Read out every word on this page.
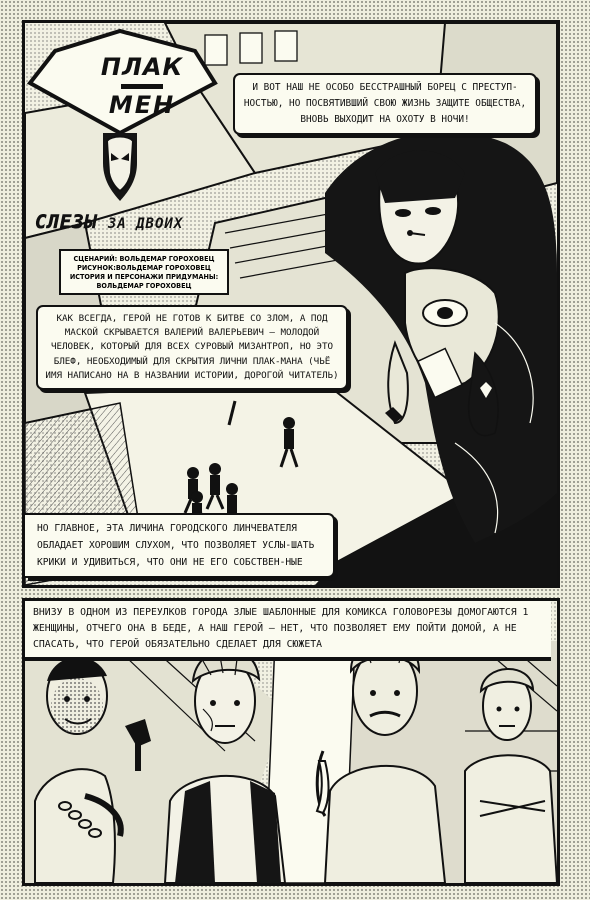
ПЛАК
МЕН
СЛЕЗЫ ЗА ДВОИХ
СЦЕНАРИЙ: ВОЛЬДЕМАР ГОРОХОВЕЦ
РИСУНОК:ВОЛЬДЕМАР ГОРОХОВЕЦ
ИСТОРИЯ И ПЕРСОНАЖИ ПРИДУМАНЫ:
ВОЛЬДЕМАР ГОРОХОВЕЦ
И ВОТ НАШ НЕ ОСОБО БЕССТРАШНЫЙ БОРЕЦ С ПРЕСТУП-НОСТЬЮ, НО ПОСВЯТИВШИЙ СВОЮ ЖИЗНЬ ЗАЩИТЕ ОБЩЕСТВА, ВНОВЬ ВЫХОДИТ НА ОХОТУ В НОЧИ!
КАК ВСЕГДА, ГЕРОЙ НЕ ГОТОВ К БИТВЕ СО ЗЛОМ, А ПОД МАСКОЙ СКРЫВАЕТСЯ ВАЛЕРИЙ ВАЛЕРЬЕВИЧ — МОЛОДОЙ ЧЕЛОВЕК, КОТОРЫЙ ДЛЯ ВСЕХ СУРОВЫЙ МИЗАНТРОП, НО ЭТО БЛЕФ, НЕОБХОДИМЫЙ ДЛЯ СКРЫТИЯ ЛИЧНИ ПЛАК-МАНА (ЧЬЁ ИМЯ НАПИСАНО НА В НАЗВАНИИ ИСТОРИИ, ДОРОГОЙ ЧИТАТЕЛЬ)
НО ГЛАВНОЕ, ЭТА ЛИЧИНА ГОРОДСКОГО ЛИНЧЕВАТЕЛЯ ОБЛАДАЕТ ХОРОШИМ СЛУХОМ, ЧТО ПОЗВОЛЯЕТ УСЛЫ-ШАТЬ КРИКИ И УДИВИТЬСЯ, ЧТО ОНИ НЕ ЕГО СОБСТВЕН-НЫЕ
ВНИЗУ В ОДНОМ ИЗ ПЕРЕУЛКОВ ГОРОДА ЗЛЫЕ ШАБЛОННЫЕ ДЛЯ КОМИКСА ГОЛОВОРЕЗЫ ДОМОГАЮТСЯ 1 ЖЕНЩИНЫ, ОТЧЕГО ОНА В БЕДЕ, А НАШ ГЕРОЙ — НЕТ, ЧТО ПОЗВОЛЯЕТ ЕМУ ПОЙТИ ДОМОЙ, А НЕ СПАСАТЬ, ЧТО ГЕРОЙ ОБЯЗАТЕЛЬНО СДЕЛАЕТ ДЛЯ СЮЖЕТА
